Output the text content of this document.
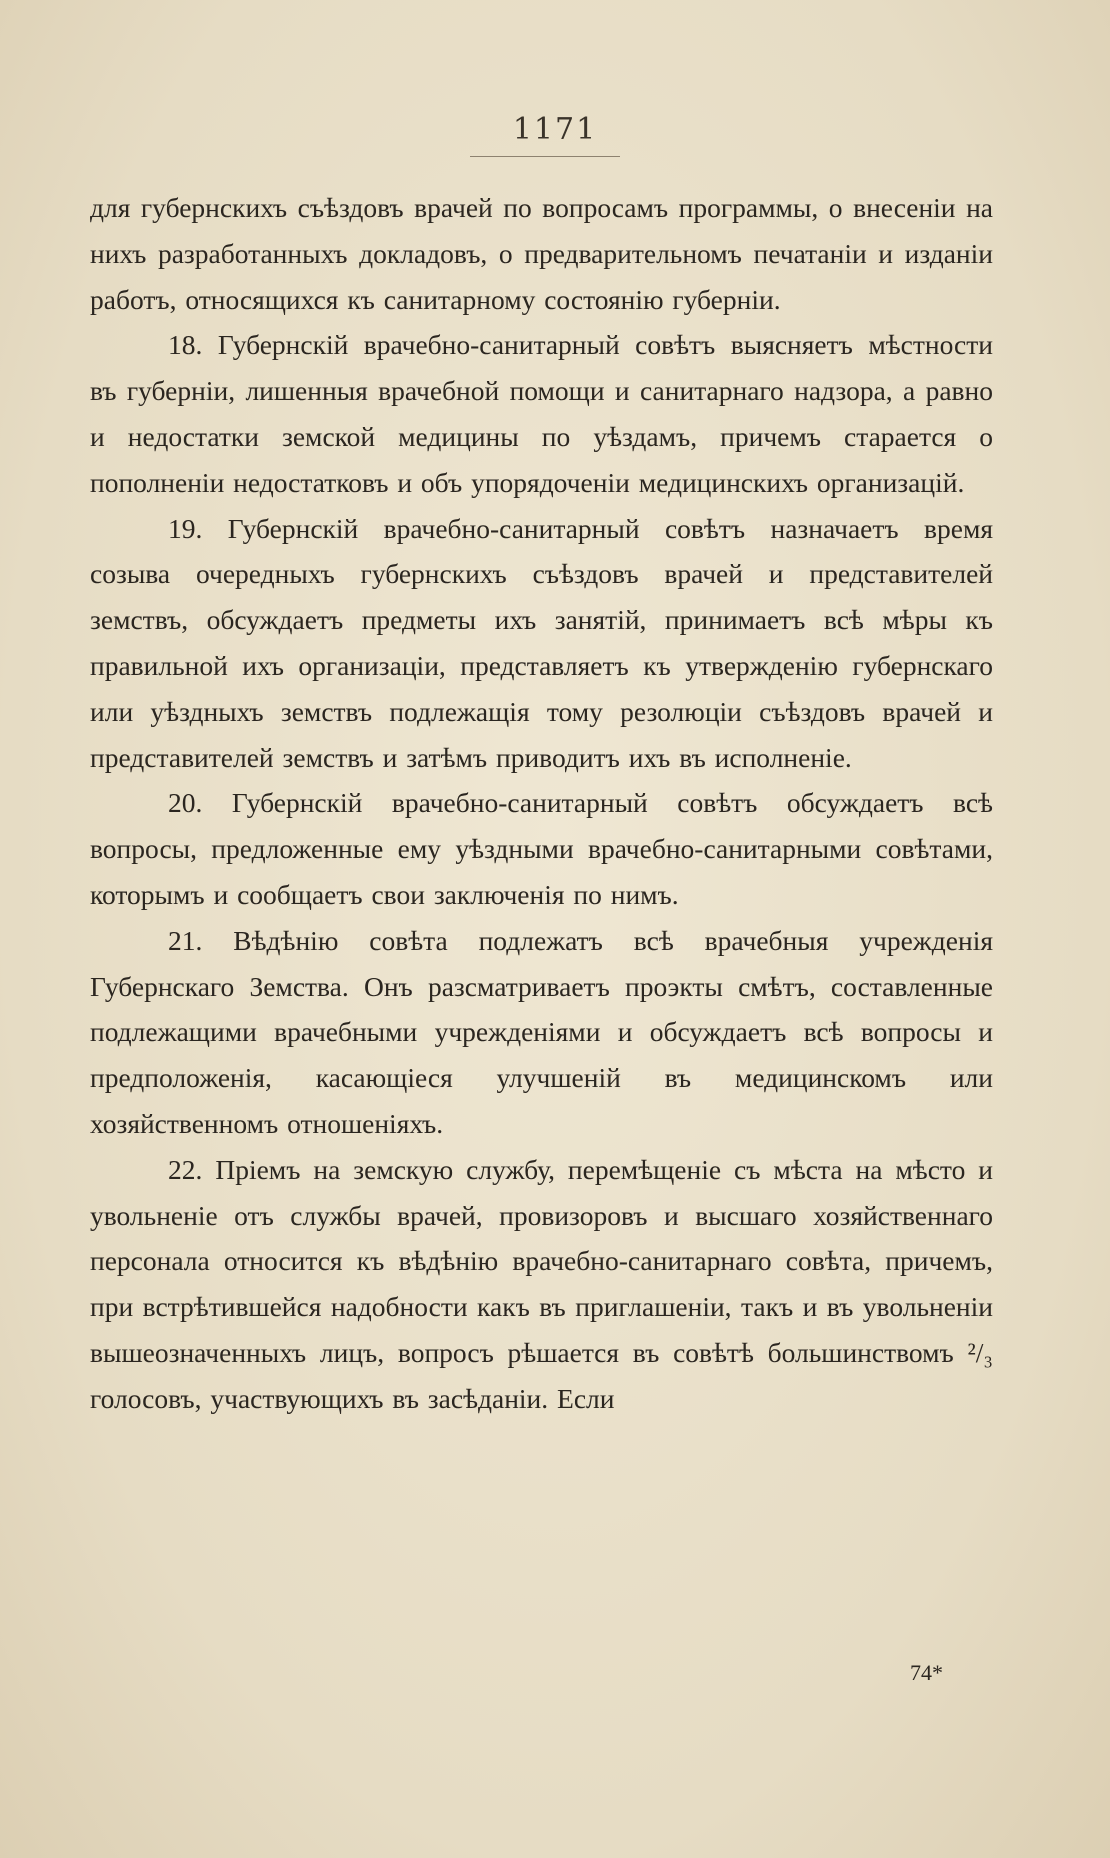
1171

для губернскихъ съѣздовъ врачей по вопросамъ программы, о внесеніи на нихъ разработанныхъ докладовъ, о предварительномъ печатаніи и изданіи работъ, относящихся къ санитарному состоянію губерніи.

18. Губернскій врачебно-санитарный совѣтъ выясняетъ мѣстности въ губерніи, лишенныя врачебной помощи и санитарнаго надзора, а равно и недостатки земской медицины по уѣздамъ, причемъ старается о пополненіи недостатковъ и объ упорядоченіи медицинскихъ организацій.

19. Губернскій врачебно-санитарный совѣтъ назначаетъ время созыва очередныхъ губернскихъ съѣздовъ врачей и представителей земствъ, обсуждаетъ предметы ихъ занятій, принимаетъ всѣ мѣры къ правильной ихъ организаціи, представляетъ къ утвержденію губернскаго или уѣздныхъ земствъ подлежащія тому резолюціи съѣздовъ врачей и представителей земствъ и затѣмъ приводитъ ихъ въ исполненіе.

20. Губернскій врачебно-санитарный совѣтъ обсуждаетъ всѣ вопросы, предложенные ему уѣздными врачебно-санитарными совѣтами, которымъ и сообщаетъ свои заключенія по нимъ.

21. Вѣдѣнію совѣта подлежатъ всѣ врачебныя учрежденія Губернскаго Земства. Онъ разсматриваетъ проэкты смѣтъ, составленные подлежащими врачебными учрежденіями и обсуждаетъ всѣ вопросы и предположенія, касающіеся улучшеній въ медицинскомъ или хозяйственномъ отношеніяхъ.

22. Пріемъ на земскую службу, перемѣщеніе съ мѣста на мѣсто и увольненіе отъ службы врачей, провизоровъ и высшаго хозяйственнаго персонала относится къ вѣдѣнію врачебно-санитарнаго совѣта, причемъ, при встрѣтившейся надобности какъ въ приглашеніи, такъ и въ увольненіи вышеозначенныхъ лицъ, вопросъ рѣшается въ совѣтѣ большинствомъ ²/₃ голосовъ, участвующихъ въ засѣданіи. Если

74*
